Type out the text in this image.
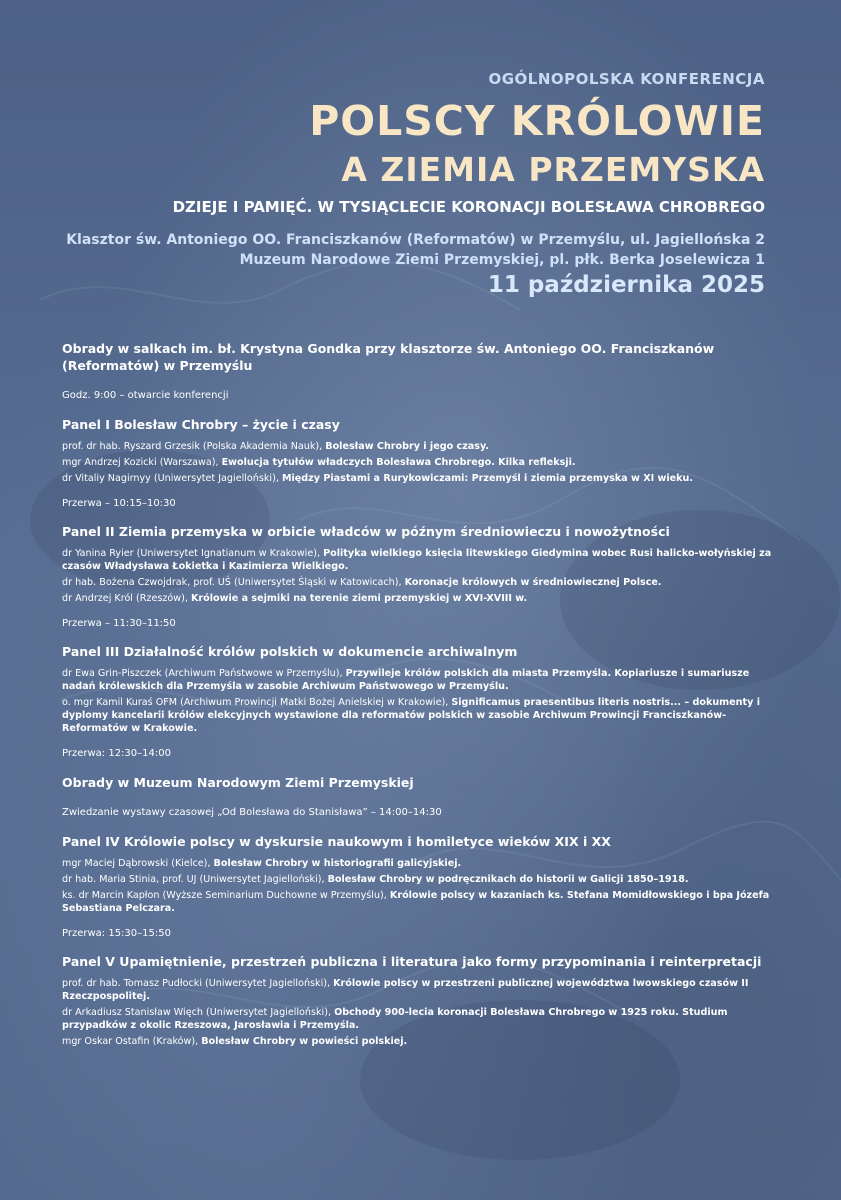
OGÓLNOPOLSKA KONFERENCJA

POLSCY KRÓLOWIE

A ZIEMIA PRZEMYSKA

DZIEJE I PAMIĘĆ. W TYSIĄCLECIE KORONACJI BOLESŁAWA CHROBREGO
Klasztor św. Antoniego OO. Franciszkanów (Reformatów) w Przemyślu, ul. Jagiellońska 2
Muzeum Narodowe Ziemi Przemyskiej, pl. płk. Berka Joselewicza 1
11 października 2025

Obrady w salkach im. bł. Krystyna Gondka przy klasztorze św. Antoniego OO. Franciszkanów (Reformatów) w Przemyślu

Godz. 9:00 – otwarcie konferencji

Panel I Bolesław Chrobry – życie i czasy

prof. dr hab. Ryszard Grzesik (Polska Akademia Nauk), Bolesław Chrobry i jego czasy.

mgr Andrzej Kozicki (Warszawa), Ewolucja tytułów władczych Bolesława Chrobrego. Kilka refleksji.

dr Vitaliy Nagirnyy (Uniwersytet Jagielloński), Między Piastami a Rurykowiczami: Przemyśl i ziemia przemyska w XI wieku.

Przerwa – 10:15–10:30

Panel II Ziemia przemyska w orbicie władców w późnym średniowieczu i nowożytności

dr Yanina Ryier (Uniwersytet Ignatianum w Krakowie), Polityka wielkiego księcia litewskiego Giedymina wobec Rusi halicko-wołyńskiej za czasów Władysława Łokietka i Kazimierza Wielkiego.

dr hab. Bożena Czwojdrak, prof. UŚ (Uniwersytet Śląski w Katowicach), Koronacje królowych w średniowiecznej Polsce.

dr Andrzej Król (Rzeszów), Królowie a sejmiki na terenie ziemi przemyskiej w XVI-XVIII w.

Przerwa – 11:30–11:50

Panel III Działalność królów polskich w dokumencie archiwalnym

dr Ewa Grin-Piszczek (Archiwum Państwowe w Przemyślu), Przywileje królów polskich dla miasta Przemyśla. Kopiariusze i sumariusze nadań królewskich dla Przemyśla w zasobie Archiwum Państwowego w Przemyślu.

o. mgr Kamil Kuraś OFM (Archiwum Prowincji Matki Bożej Anielskiej w Krakowie), Significamus praesentibus literis nostris... – dokumenty i dyplomy kancelarii królów elekcyjnych wystawione dla reformatów polskich w zasobie Archiwum Prowincji Franciszkanów-Reformatów w Krakowie.

Przerwa: 12:30–14:00

Obrady w Muzeum Narodowym Ziemi Przemyskiej

Zwiedzanie wystawy czasowej „Od Bolesława do Stanisława” – 14:00–14:30

Panel IV Królowie polscy w dyskursie naukowym i homiletyce wieków XIX i XX

mgr Maciej Dąbrowski (Kielce), Bolesław Chrobry w historiografii galicyjskiej.

dr hab. Maria Stinia, prof. UJ (Uniwersytet Jagielloński), Bolesław Chrobry w podręcznikach do historii w Galicji 1850–1918.

ks. dr Marcin Kapłon (Wyższe Seminarium Duchowne w Przemyślu), Królowie polscy w kazaniach ks. Stefana Momidłowskiego i bpa Józefa Sebastiana Pelczara.

Przerwa: 15:30–15:50

Panel V Upamiętnienie, przestrzeń publiczna i literatura jako formy przypominania i reinterpretacji

prof. dr hab. Tomasz Pudłocki (Uniwersytet Jagielloński), Królowie polscy w przestrzeni publicznej województwa lwowskiego czasów II Rzeczpospolitej.

dr Arkadiusz Stanisław Więch (Uniwersytet Jagielloński), Obchody 900-lecia koronacji Bolesława Chrobrego w 1925 roku. Studium przypadków z okolic Rzeszowa, Jarosławia i Przemyśla.

mgr Oskar Ostafin (Kraków), Bolesław Chrobry w powieści polskiej.
